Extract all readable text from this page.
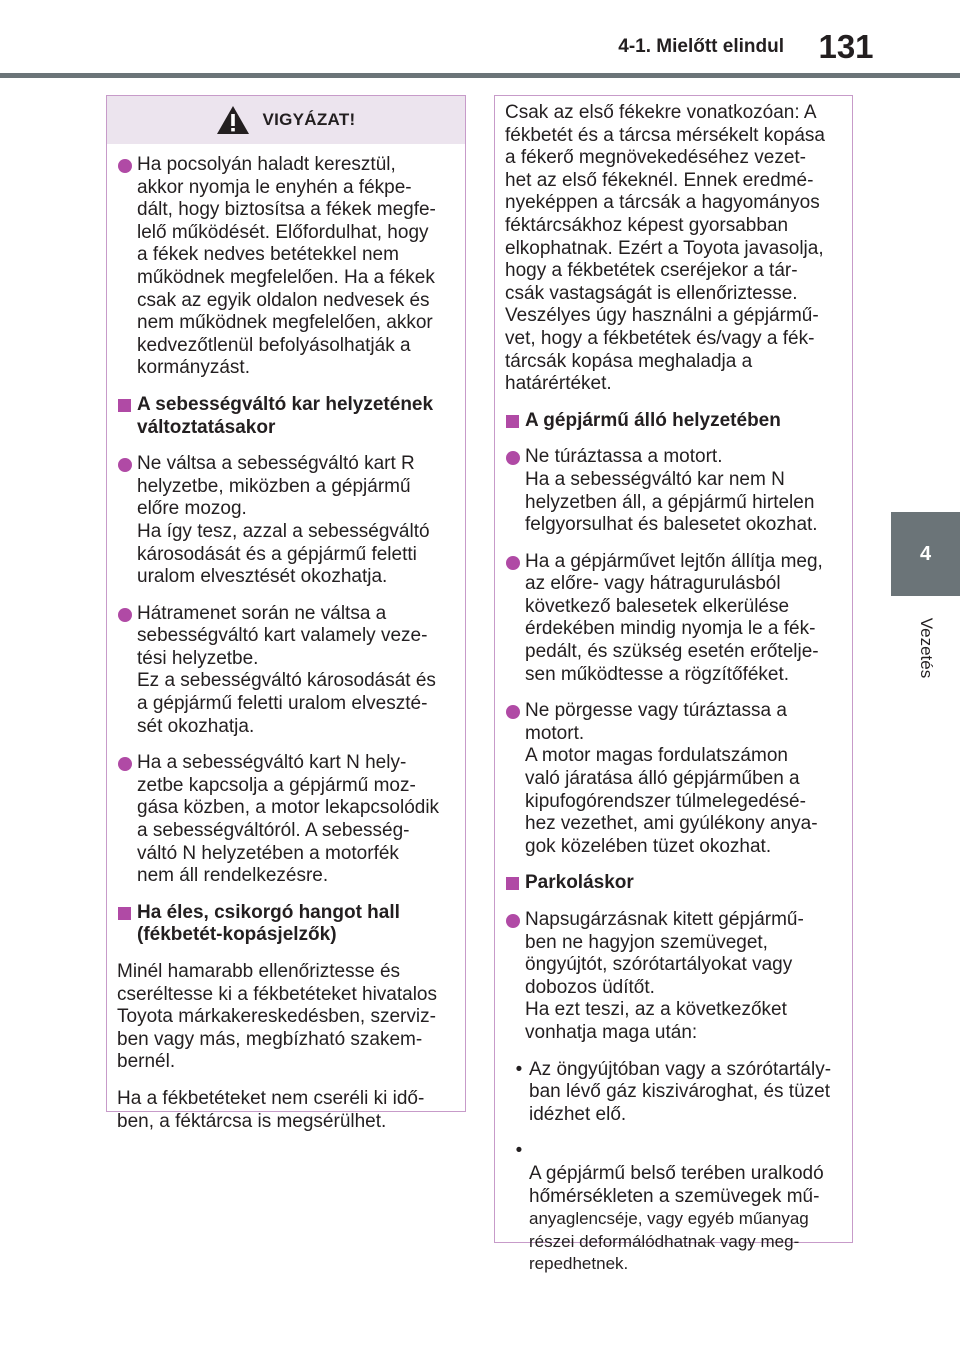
4-1. Mielőtt elindul	131
4
Vezetés
VIGYÁZAT!
Ha pocsolyán haladt keresztül,
akkor nyomja le enyhén a fékpe-
dált, hogy biztosítsa a fékek megfe-
lelő működését. Előfordulhat, hogy
a fékek nedves betétekkel nem
működnek megfelelően. Ha a fékek
csak az egyik oldalon nedvesek és
nem működnek megfelelően, akkor
kedvezőtlenül befolyásolhatják a
kormányzást.
A sebességváltó kar helyzetének
változtatásakor
Ne váltsa a sebességváltó kart R
helyzetbe, miközben a gépjármű
előre mozog.
Ha így tesz, azzal a sebességváltó
károsodását és a gépjármű feletti
uralom elvesztését okozhatja.
Hátramenet során ne váltsa a
sebességváltó kart valamely veze-
tési helyzetbe.
Ez a sebességváltó károsodását és
a gépjármű feletti uralom elveszté-
sét okozhatja.
Ha a sebességváltó kart N hely-
zetbe kapcsolja a gépjármű moz-
gása közben, a motor lekapcsolódik
a sebességváltóról. A sebesség-
váltó N helyzetében a motorfék
nem áll rendelkezésre.
Ha éles, csikorgó hangot hall
(fékbetét-kopásjelzők)
Minél hamarabb ellenőriztesse és
cseréltesse ki a fékbetéteket hivatalos
Toyota márkakereskedésben, szerviz-
ben vagy más, megbízható szakem-
bernél.
Ha a fékbetéteket nem cseréli ki idő-
ben, a féktárcsa is megsérülhet.
Csak az első fékekre vonatkozóan: A
fékbetét és a tárcsa mérsékelt kopása
a fékerő megnövekedéséhez vezet-
het az első fékeknél. Ennek eredmé-
nyeképpen a tárcsák a hagyományos
féktárcsákhoz képest gyorsabban
elkophatnak. Ezért a Toyota javasolja,
hogy a fékbetétek cseréjekor a tár-
csák vastagságát is ellenőriztesse.
Veszélyes úgy használni a gépjármű-
vet, hogy a fékbetétek és/vagy a fék-
tárcsák kopása meghaladja a
határértéket.
A gépjármű álló helyzetében
Ne túráztassa a motort.
Ha a sebességváltó kar nem N
helyzetben áll, a gépjármű hirtelen
felgyorsulhat és balesetet okozhat.
Ha a gépjárművet lejtőn állítja meg,
az előre- vagy hátragurulásból
következő balesetek elkerülése
érdekében mindig nyomja le a fék-
pedált, és szükség esetén erőtelje-
sen működtesse a rögzítőféket.
Ne pörgesse vagy túráztassa a
motort.
A motor magas fordulatszámon
való járatása álló gépjárműben a
kipufogórendszer túlmelegedésé-
hez vezethet, ami gyúlékony anya-
gok közelében tüzet okozhat.
Parkoláskor
Napsugárzásnak kitett gépjármű-
ben ne hagyjon szemüveget,
öngyújtót, szórótartályokat vagy
dobozos üdítőt.
Ha ezt teszi, az a következőket
vonhatja maga után:
• Az öngyújtóban vagy a szórótartály-
ban lévő gáz kiszivároghat, és tüzet
idézhet elő.
•

A gépjármű belső terében uralkodó
hőmérsékleten a szemüvegek mű-

anyaglencséje, vagy egyéb műanyag
részei deformálódhatnak vagy meg-
repedhetnek.
